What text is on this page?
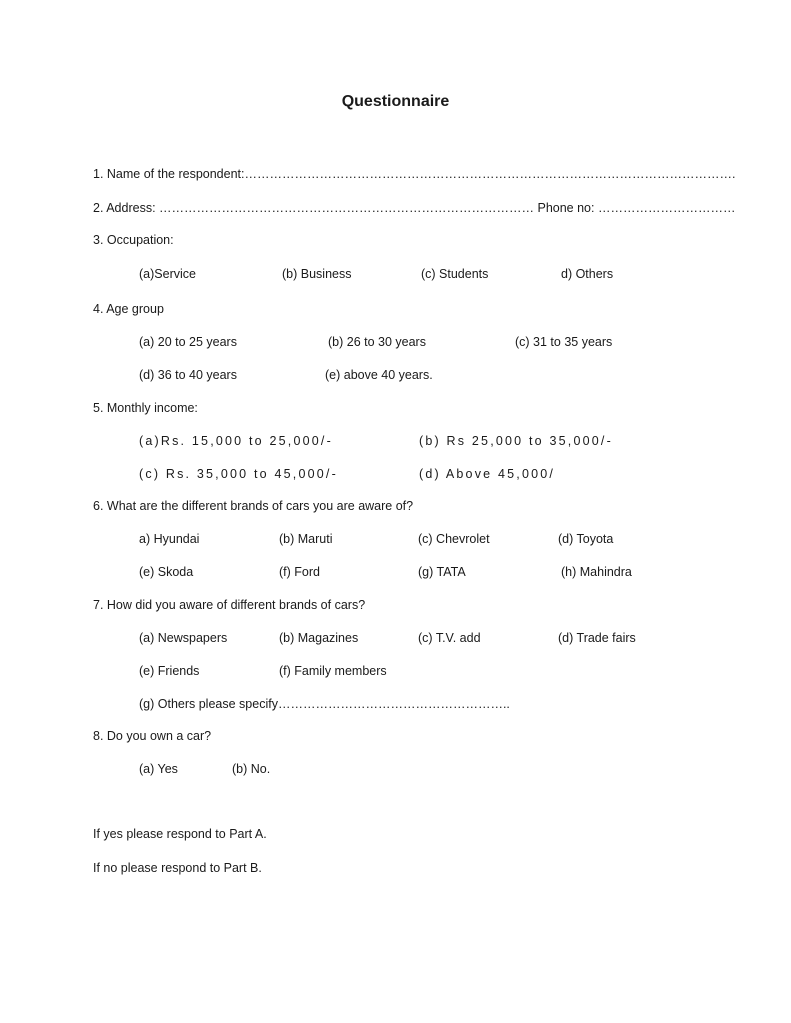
Questionnaire

1. Name of the respondent:……………………………………………………………………………………………………….

2. Address: ……………………………………………………………………………… Phone no: ……………………………

3. Occupation:

(a)Service	(b) Business	(c) Students	d) Others

4. Age group

(a) 20 to 25 years	(b) 26 to 30 years	(c) 31 to 35 years

(d) 36 to 40 years	(e) above 40 years.

5. Monthly income:

(a)Rs. 15,000 to 25,000/-	(b) Rs 25,000 to 35,000/-

(c) Rs. 35,000 to 45,000/-	(d) Above 45,000/

6. What are the different brands of cars you are aware of?

a) Hyundai	(b) Maruti	(c) Chevrolet	(d) Toyota

(e) Skoda	(f) Ford	(g) TATA	(h) Mahindra

7. How did you aware of different brands of cars?

(a) Newspapers	(b) Magazines	(c) T.V. add	(d) Trade fairs

(e) Friends	(f) Family members

(g) Others please specify………………………………………………..

8. Do you own a car?

(a) Yes	(b) No.

If yes please respond to Part A.

If no please respond to Part B.
